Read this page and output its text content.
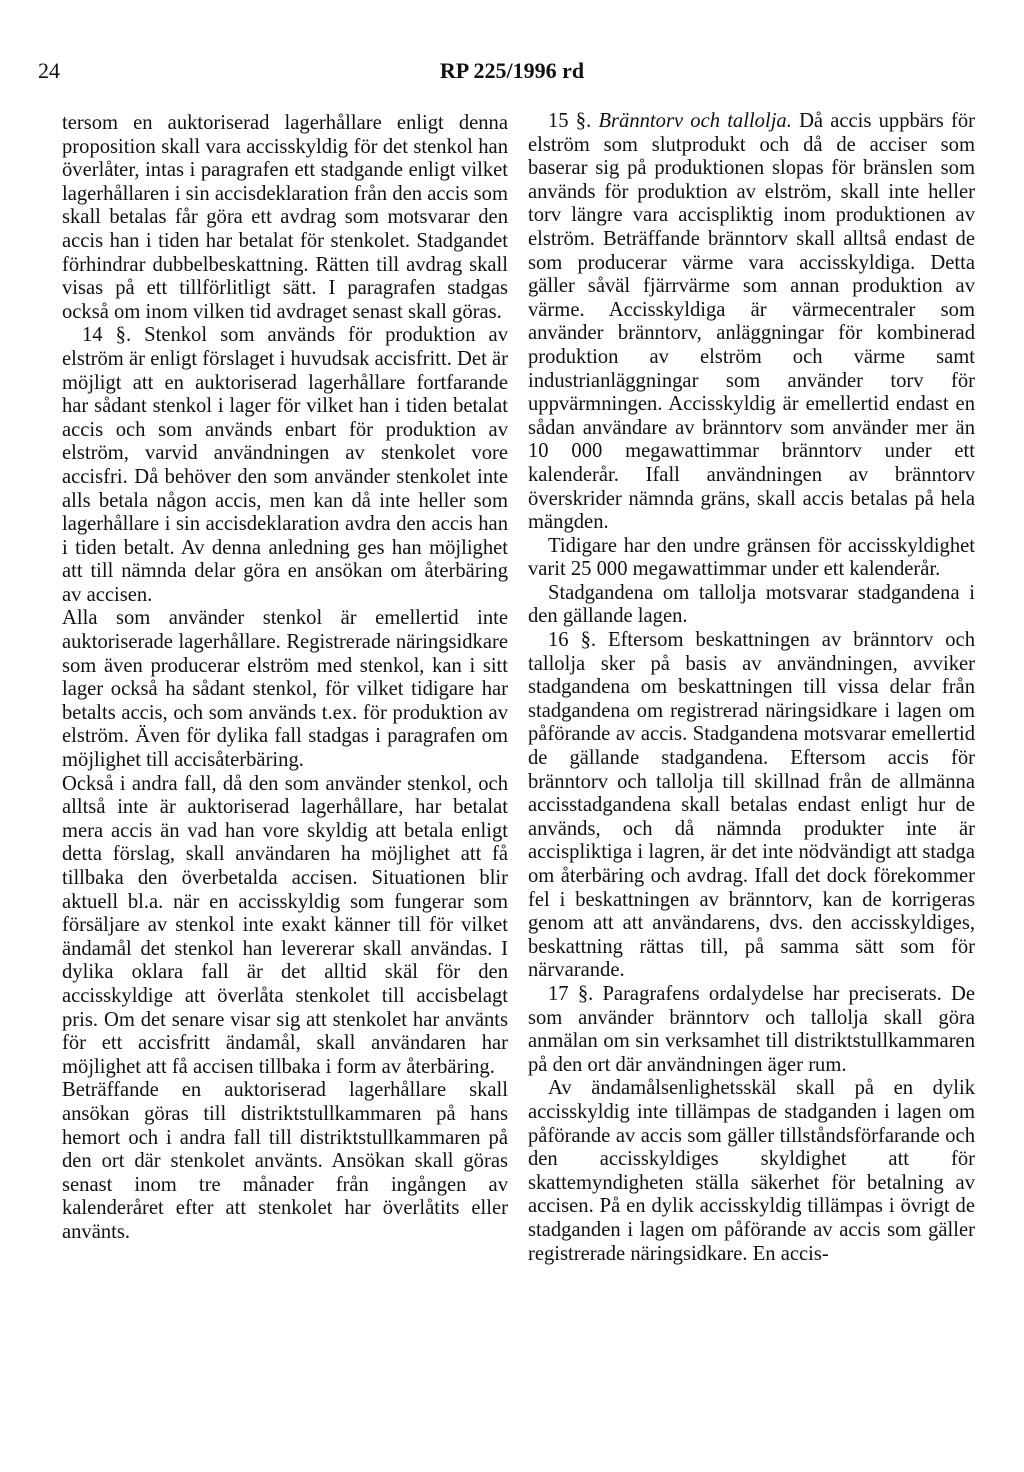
24	RP 225/1996 rd

tersom en auktoriserad lagerhållare enligt denna proposition skall vara accisskyldig för det stenkol han överlåter, intas i paragrafen ett stadgande enligt vilket lagerhållaren i sin accisdeklaration från den accis som skall betalas får göra ett avdrag som motsvarar den accis han i tiden har betalat för stenkolet. Stadgandet förhindrar dubbelbeskattning. Rätten till avdrag skall visas på ett tillförlitligt sätt. I paragrafen stadgas också om inom vilken tid avdraget senast skall göras.

14 §. Stenkol som används för produktion av elström är enligt förslaget i huvudsak accisfritt. Det är möjligt att en auktoriserad lagerhållare fortfarande har sådant stenkol i lager för vilket han i tiden betalat accis och som används enbart för produktion av elström, varvid användningen av stenkolet vore accisfri. Då behöver den som använder stenkolet inte alls betala någon accis, men kan då inte heller som lagerhållare i sin accisdeklaration avdra den accis han i tiden betalt. Av denna anledning ges han möjlighet att till nämnda delar göra en ansökan om återbäring av accisen.

Alla som använder stenkol är emellertid inte auktoriserade lagerhållare. Registrerade näringsidkare som även producerar elström med stenkol, kan i sitt lager också ha sådant stenkol, för vilket tidigare har betalts accis, och som används t.ex. för produktion av elström. Även för dylika fall stadgas i paragrafen om möjlighet till accisåterbäring.

Också i andra fall, då den som använder stenkol, och alltså inte är auktoriserad lagerhållare, har betalat mera accis än vad han vore skyldig att betala enligt detta förslag, skall användaren ha möjlighet att få tillbaka den överbetalda accisen. Situationen blir aktuell bl.a. när en accisskyldig som fungerar som försäljare av stenkol inte exakt känner till för vilket ändamål det stenkol han levererar skall användas. I dylika oklara fall är det alltid skäl för den accisskyldige att överlåta stenkolet till accisbelagt pris. Om det senare visar sig att stenkolet har använts för ett accisfritt ändamål, skall användaren har möjlighet att få accisen tillbaka i form av återbäring.

Beträffande en auktoriserad lagerhållare skall ansökan göras till distriktstullkammaren på hans hemort och i andra fall till distriktstullkammaren på den ort där stenkolet använts. Ansökan skall göras senast inom tre månader från ingången av kalenderåret efter att stenkolet har överlåtits eller använts.

15 §. Bränntorv och tallolja. Då accis uppbärs för elström som slutprodukt och då de acciser som baserar sig på produktionen slopas för bränslen som används för produktion av elström, skall inte heller torv längre vara accispliktig inom produktionen av elström. Beträffande bränntorv skall alltså endast de som producerar värme vara accisskyldiga. Detta gäller såväl fjärrvärme som annan produktion av värme. Accisskyldiga är värmecentraler som använder bränntorv, anläggningar för kombinerad produktion av elström och värme samt industrianläggningar som använder torv för uppvärmningen. Accisskyldig är emellertid endast en sådan användare av bränntorv som använder mer än 10 000 megawattimmar bränntorv under ett kalenderår. Ifall användningen av bränntorv överskrider nämnda gräns, skall accis betalas på hela mängden.

Tidigare har den undre gränsen för accisskyldighet varit 25 000 megawattimmar under ett kalenderår.

Stadgandena om tallolja motsvarar stadgandena i den gällande lagen.

16 §. Eftersom beskattningen av bränntorv och tallolja sker på basis av användningen, avviker stadgandena om beskattningen till vissa delar från stadgandena om registrerad näringsidkare i lagen om påförande av accis. Stadgandena motsvarar emellertid de gällande stadgandena. Eftersom accis för bränntorv och tallolja till skillnad från de allmänna accisstadgandena skall betalas endast enligt hur de används, och då nämnda produkter inte är accispliktiga i lagren, är det inte nödvändigt att stadga om återbäring och avdrag. Ifall det dock förekommer fel i beskattningen av bränntorv, kan de korrigeras genom att att användarens, dvs. den accisskyldiges, beskattning rättas till, på samma sätt som för närvarande.

17 §. Paragrafens ordalydelse har preciserats. De som använder bränntorv och tallolja skall göra anmälan om sin verksamhet till distriktstullkammaren på den ort där användningen äger rum.

Av ändamålsenlighetsskäl skall på en dylik accisskyldig inte tillämpas de stadganden i lagen om påförande av accis som gäller tillståndsförfarande och den accisskyldiges skyldighet att för skattemyndigheten ställa säkerhet för betalning av accisen. På en dylik accisskyldig tillämpas i övrigt de stadganden i lagen om påförande av accis som gäller registrerade näringsidkare. En accis-
